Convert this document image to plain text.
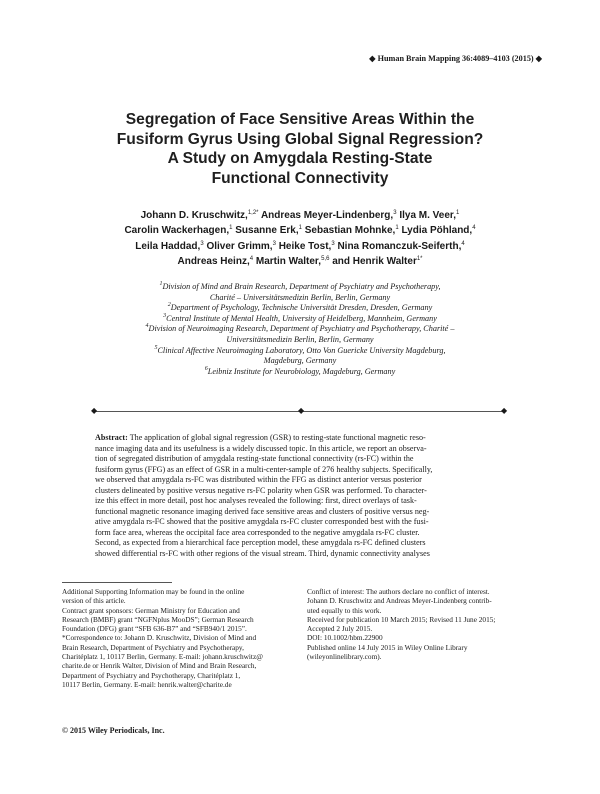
◆ Human Brain Mapping 36:4089–4103 (2015) ◆
Segregation of Face Sensitive Areas Within the
Fusiform Gyrus Using Global Signal Regression?
A Study on Amygdala Resting-State
Functional Connectivity
Johann D. Kruschwitz,$^{1,2*}$ Andreas Meyer-Lindenberg,$^3$ Ilya M. Veer,$^1$
Carolin Wackerhagen,$^1$ Susanne Erk,$^1$ Sebastian Mohnke,$^1$ Lydia Pöhland,$^4$
Leila Haddad,$^3$ Oliver Grimm,$^3$ Heike Tost,$^3$ Nina Romanczuk-Seiferth,$^4$
Andreas Heinz,$^4$ Martin Walter,$^{5,6}$ and Henrik Walter$^{1*}$
$^1$Division of Mind and Brain Research, Department of Psychiatry and Psychotherapy,
Charité – Universitätsmedizin Berlin, Berlin, Germany
$^2$Department of Psychology, Technische Universität Dresden, Dresden, Germany
$^3$Central Institute of Mental Health, University of Heidelberg, Mannheim, Germany
$^4$Division of Neuroimaging Research, Department of Psychiatry and Psychotherapy, Charité –
Universitätsmedizin Berlin, Berlin, Germany
$^5$Clinical Affective Neuroimaging Laboratory, Otto Von Guericke University Magdeburg,
Magdeburg, Germany
$^6$Leibniz Institute for Neurobiology, Magdeburg, Germany
◆	◆	◆
Abstract: The application of global signal regression (GSR) to resting-state functional magnetic reso-
nance imaging data and its usefulness is a widely discussed topic. In this article, we report an observa-
tion of segregated distribution of amygdala resting-state functional connectivity (rs-FC) within the
fusiform gyrus (FFG) as an effect of GSR in a multi-center-sample of 276 healthy subjects. Specifically,
we observed that amygdala rs-FC was distributed within the FFG as distinct anterior versus posterior
clusters delineated by positive versus negative rs-FC polarity when GSR was performed. To character-
ize this effect in more detail, post hoc analyses revealed the following: first, direct overlays of task-
functional magnetic resonance imaging derived face sensitive areas and clusters of positive versus neg-
ative amygdala rs-FC showed that the positive amygdala rs-FC cluster corresponded best with the fusi-
form face area, whereas the occipital face area corresponded to the negative amygdala rs-FC cluster.
Second, as expected from a hierarchical face perception model, these amygdala rs-FC defined clusters
showed differential rs-FC with other regions of the visual stream. Third, dynamic connectivity analyses
Additional Supporting Information may be found in the online
version of this article.
Contract grant sponsors: German Ministry for Education and
Research (BMBF) grant “NGFNplus MooDS”; German Research
Foundation (DFG) grant “SFB 636-B7” and “SFB940/1 2015”.
*Correspondence to: Johann D. Kruschwitz, Division of Mind and
Brain Research, Department of Psychiatry and Psychotherapy,
Charitéplatz 1, 10117 Berlin, Germany. E-mail: johann.kruschwitz@
charite.de or Henrik Walter, Division of Mind and Brain Research,
Department of Psychiatry and Psychotherapy, Charitéplatz 1,
10117 Berlin, Germany. E-mail: henrik.walter@charite.de
Conflict of interest: The authors declare no conflict of interest.
Johann D. Kruschwitz and Andreas Meyer-Lindenberg contrib-
uted equally to this work.
Received for publication 10 March 2015; Revised 11 June 2015;
Accepted 2 July 2015.
DOI: 10.1002/hbm.22900
Published online 14 July 2015 in Wiley Online Library
(wileyonlinelibrary.com).
© 2015 Wiley Periodicals, Inc.
